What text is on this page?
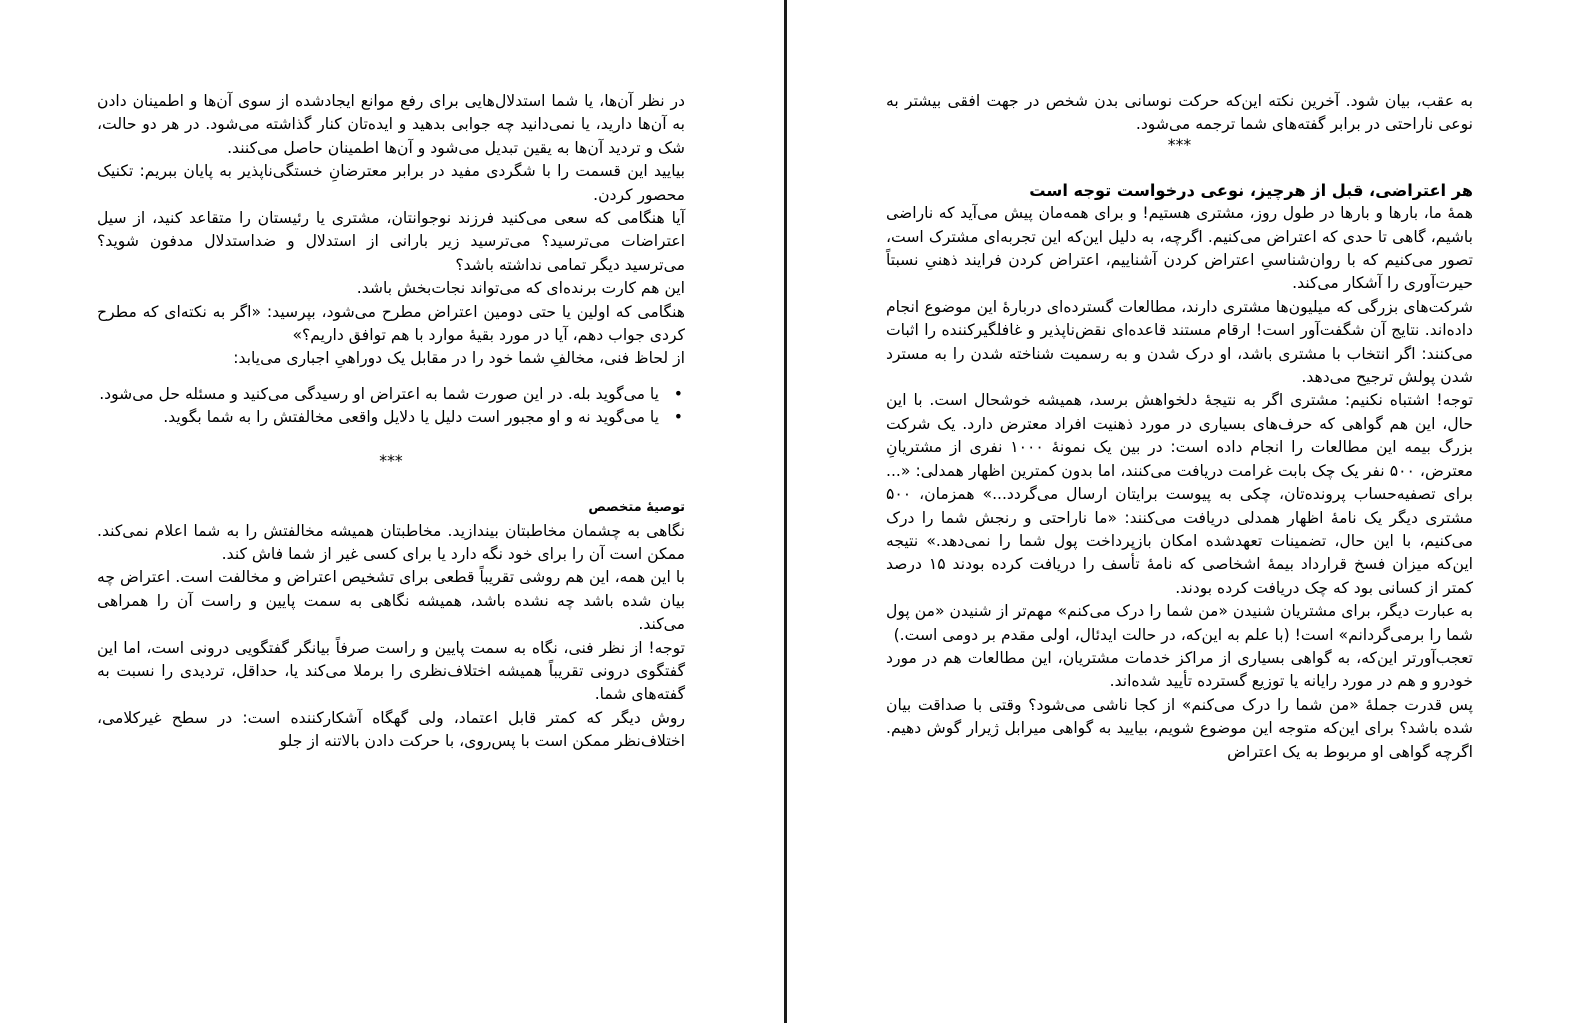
در نظر آن‌ها، یا شما استدلال‌هایی برای رفع موانع ایجادشده از سوی آن‌ها و اطمینان دادن به آن‌ها دارید، یا نمی‌دانید چه جوابی بدهید و ایده‌تان کنار گذاشته می‌شود. در هر دو حالت، شک و تردید آن‌ها به یقین تبدیل می‌شود و آن‌ها اطمینان حاصل می‌کنند.

بیایید این قسمت را با شگردی مفید در برابر معترضانِ خستگی‌ناپذیر به پایان ببریم: تکنیک محصور کردن.

آیا هنگامی که سعی می‌کنید فرزند نوجوانتان، مشتری یا رئیستان را متقاعد کنید، از سیل اعتراضات می‌ترسید؟ می‌ترسید زیر بارانی از استدلال و ضداستدلال مدفون شوید؟ می‌ترسید دیگر تمامی نداشته باشد؟

این هم کارت برنده‌ای که می‌تواند نجات‌بخش باشد.

هنگامی که اولین یا حتی دومین اعتراض مطرح می‌شود، بپرسید: «اگر به نکته‌ای که مطرح کردی جواب دهم، آیا در مورد بقیهٔ موارد با هم توافق داریم؟»

از لحاظ فنی، مخالفِ شما خود را در مقابل یک دوراهیِ اجباری می‌یابد:

•
یا می‌گوید بله. در این صورت شما به اعتراض او رسیدگی می‌کنید و مسئله حل می‌شود.
•
یا می‌گوید نه و او مجبور است دلیل یا دلایل واقعی مخالفتش را به شما بگوید.

***

توصیهٔ متخصص

نگاهی به چشمان مخاطبتان بیندازید. مخاطبتان همیشه مخالفتش را به شما اعلام نمی‌کند. ممکن است آن را برای خود نگه دارد یا برای کسی غیر از شما فاش کند.

با این همه، این هم روشی تقریباً قطعی برای تشخیص اعتراض و مخالفت است. اعتراض چه بیان شده باشد چه نشده باشد، همیشه نگاهی به سمت پایین و راست آن را همراهی می‌کند.

توجه! از نظر فنی، نگاه به سمت پایین و راست صرفاً بیانگر گفتگویی درونی است، اما این گفتگوی درونی تقریباً همیشه اختلاف‌نظری را برملا می‌کند یا، حداقل، تردیدی را نسبت به گفته‌های شما.

روش دیگر که کمتر قابل اعتماد، ولی گهگاه آشکارکننده است: در سطح غیرکلامی، اختلاف‌نظر ممکن است با پس‌روی، با حرکت دادن بالاتنه از جلو

به عقب، بیان شود. آخرین نکته این‌که حرکت نوسانی بدن شخص در جهت افقی بیشتر به نوعی ناراحتی در برابر گفته‌های شما ترجمه می‌شود.

***

هر اعتراضی، قبل از هرچیز، نوعی درخواست توجه است

همهٔ ما، بارها و بارها در طول روز، مشتری هستیم! و برای همه‌مان پیش می‌آید که ناراضی باشیم، گاهی تا حدی که اعتراض می‌کنیم. اگرچه، به دلیل این‌که این تجربه‌ای مشترک است، تصور می‌کنیم که با روان‌شناسیِ اعتراض کردن آشناییم، اعتراض کردن فرایند ذهنیِ نسبتاً حیرت‌آوری را آشکار می‌کند.

شرکت‌های بزرگی که میلیون‌ها مشتری دارند، مطالعات گسترده‌ای دربارهٔ این موضوع انجام داده‌اند. نتایج آن شگفت‌آور است! ارقام مستند قاعده‌ای نقض‌ناپذیر و غافلگیرکننده را اثبات می‌کنند: اگر انتخاب با مشتری باشد، او درک شدن و به رسمیت شناخته شدن را به مسترد شدن پولش ترجیح می‌دهد.

توجه! اشتباه نکنیم: مشتری اگر به نتیجهٔ دلخواهش برسد، همیشه خوشحال است. با این حال، این هم گواهی که حرف‌های بسیاری در مورد ذهنیت افراد معترض دارد. یک شرکت بزرگ بیمه این مطالعات را انجام داده است: در بین یک نمونهٔ ۱۰۰۰ نفری از مشتریانِ معترض، ۵۰۰ نفر یک چک بابت غرامت دریافت می‌کنند، اما بدون کمترین اظهار همدلی: «... برای تصفیه‌حساب پرونده‌تان، چکی به پیوست برایتان ارسال می‌گردد...» همزمان، ۵۰۰ مشتری دیگر یک نامهٔ اظهار همدلی دریافت می‌کنند: «ما ناراحتی و رنجش شما را درک می‌کنیم، با این حال، تضمینات تعهدشده امکان بازپرداخت پول شما را نمی‌دهد.» نتیجه این‌که میزان فسخ قرارداد بیمهٔ اشخاصی که نامهٔ تأسف را دریافت کرده بودند ۱۵ درصد کمتر از کسانی بود که چک دریافت کرده بودند.

به عبارت دیگر، برای مشتریان شنیدن «من شما را درک می‌کنم» مهم‌تر از شنیدن «من پول شما را برمی‌گردانم» است! (با علم به این‌که، در حالت ایدئال، اولی مقدم بر دومی است.)

تعجب‌آورتر این‌که، به گواهی بسیاری از مراکز خدمات مشتریان، این مطالعات هم در مورد خودرو و هم در مورد رایانه یا توزیع گسترده تأیید شده‌اند.

پس قدرت جملهٔ «من شما را درک می‌کنم» از کجا ناشی می‌شود؟ وقتی با صداقت بیان شده باشد؟ برای این‌که متوجه این موضوع شویم، بیایید به گواهی میرابل ژیرار گوش دهیم. اگرچه گواهی او مربوط به یک اعتراض
